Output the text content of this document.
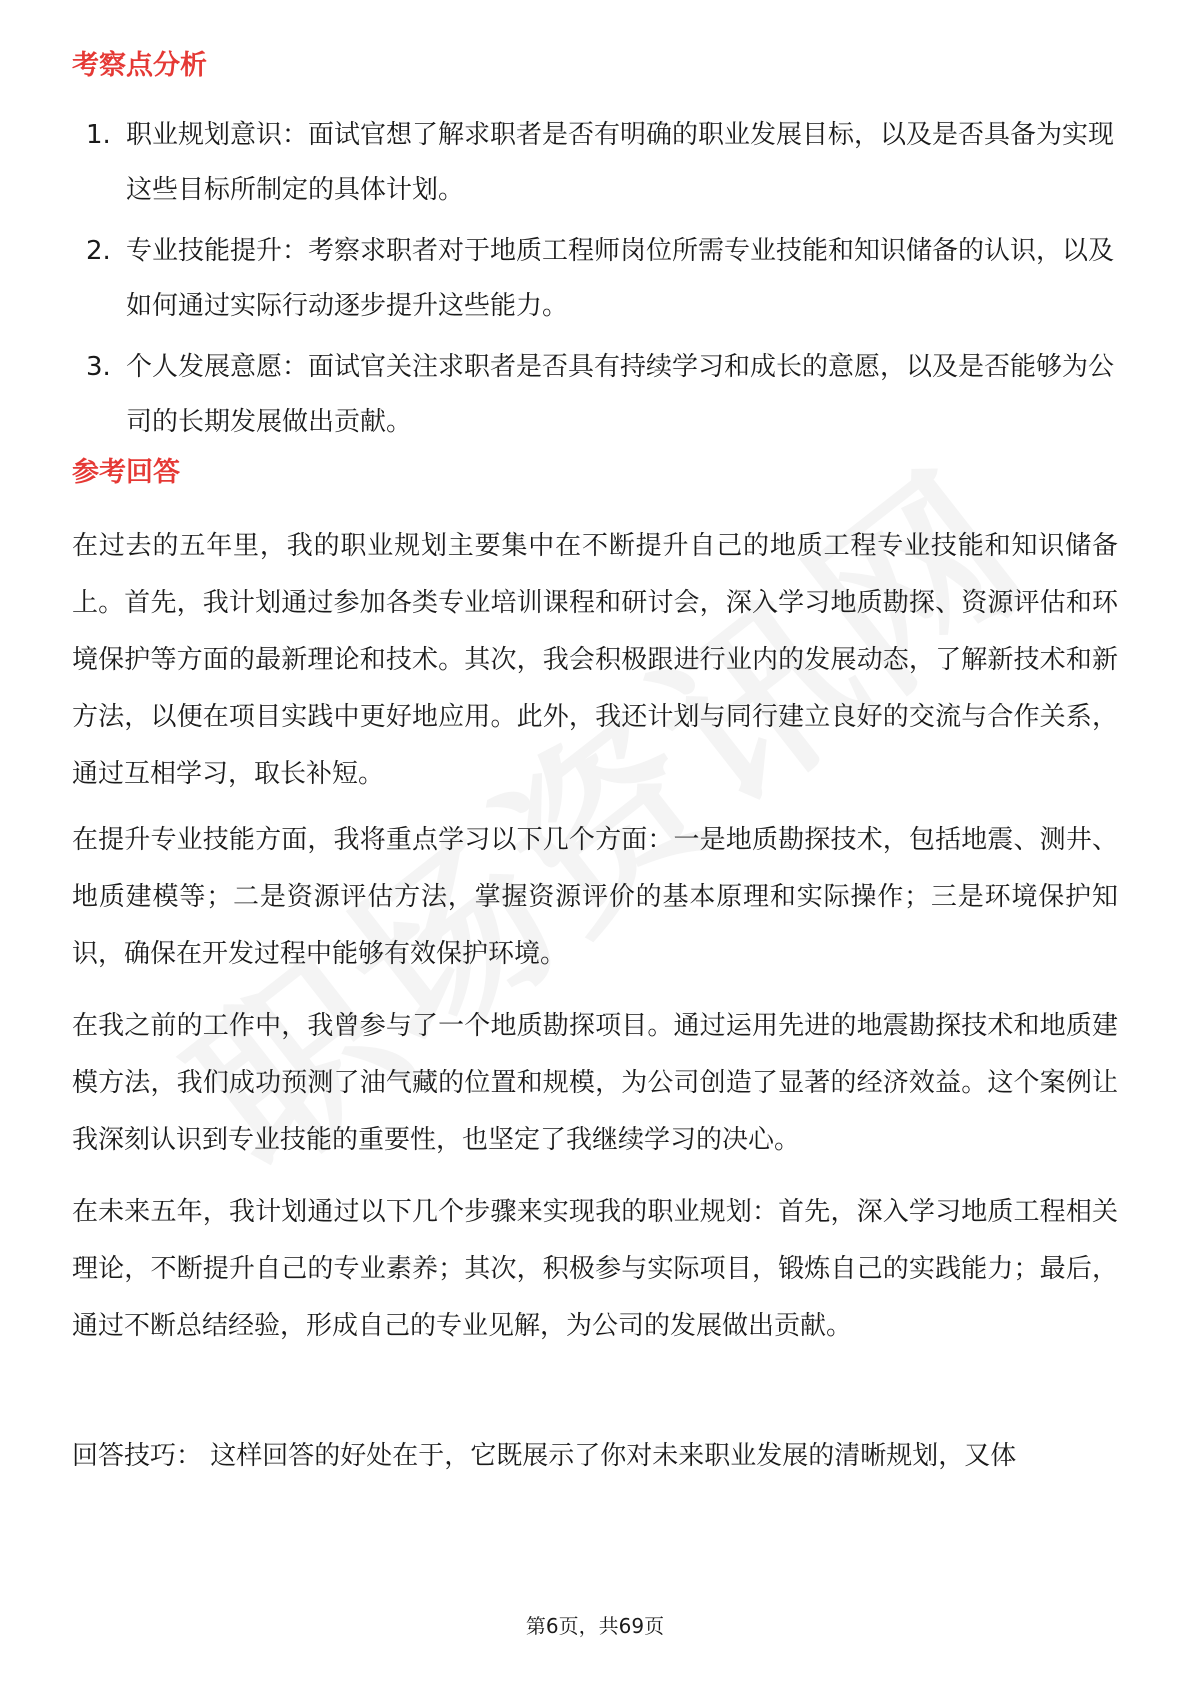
考察点分析
1. 职业规划意识：面试官想了解求职者是否有明确的职业发展目标，以及是否具备为实现这些目标所制定的具体计划。
2. 专业技能提升：考察求职者对于地质工程师岗位所需专业技能和知识储备的认识，以及如何通过实际行动逐步提升这些能力。
3. 个人发展意愿：面试官关注求职者是否具有持续学习和成长的意愿，以及是否能够为公司的长期发展做出贡献。
参考回答

在过去的五年里，我的职业规划主要集中在不断提升自己的地质工程专业技能和知识储备上。首先，我计划通过参加各类专业培训课程和研讨会，深入学习地质勘探、资源评估和环境保护等方面的最新理论和技术。其次，我会积极跟进行业内的发展动态，了解新技术和新方法，以便在项目实践中更好地应用。此外，我还计划与同行建立良好的交流与合作关系，通过互相学习，取长补短。

在提升专业技能方面，我将重点学习以下几个方面：一是地质勘探技术，包括地震、测井、地质建模等；二是资源评估方法，掌握资源评价的基本原理和实际操作；三是环境保护知识，确保在开发过程中能够有效保护环境。

在我之前的工作中，我曾参与了一个地质勘探项目。通过运用先进的地震勘探技术和地质建模方法，我们成功预测了油气藏的位置和规模，为公司创造了显著的经济效益。这个案例让我深刻认识到专业技能的重要性，也坚定了我继续学习的决心。

在未来五年，我计划通过以下几个步骤来实现我的职业规划：首先，深入学习地质工程相关理论，不断提升自己的专业素养；其次，积极参与实际项目，锻炼自己的实践能力；最后，通过不断总结经验，形成自己的专业见解，为公司的发展做出贡献。

回答技巧： 这样回答的好处在于，它既展示了你对未来职业发展的清晰规划，又体

第6页，共69页
